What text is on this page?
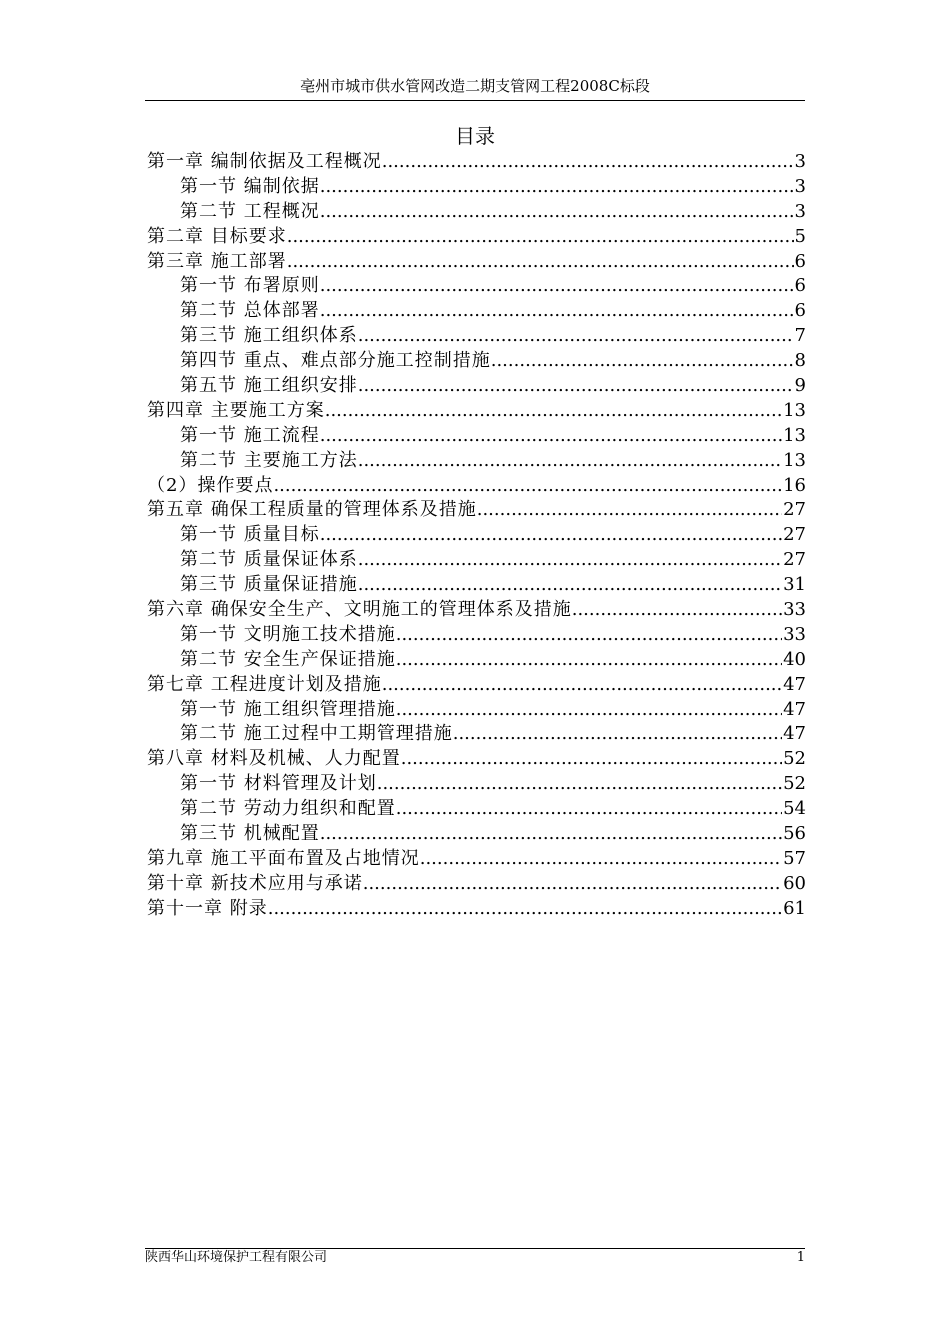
亳州市城市供水管网改造二期支管网工程2008C标段
目录
第一章 编制依据及工程概况 .....	3
第一节 编制依据 .....	3
第二节 工程概况 .....	3
第二章 目标要求 .....	5
第三章 施工部署 .....	6
第一节 布署原则 .....	6
第二节 总体部署 .....	6
第三节 施工组织体系 .....	7
第四节 重点、难点部分施工控制措施 .....	8
第五节 施工组织安排 .....	9
第四章 主要施工方案 .....	13
第一节 施工流程 .....	13
第二节 主要施工方法 .....	13
（2）操作要点 .....	16
第五章 确保工程质量的管理体系及措施 .....	27
第一节 质量目标 .....	27
第二节 质量保证体系 .....	27
第三节 质量保证措施 .....	31
第六章 确保安全生产、文明施工的管理体系及措施 .....	33
第一节 文明施工技术措施 .....	33
第二节 安全生产保证措施 .....	40
第七章 工程进度计划及措施 .....	47
第一节 施工组织管理措施 .....	47
第二节 施工过程中工期管理措施 .....	47
第八章 材料及机械、人力配置 .....	52
第一节 材料管理及计划 .....	52
第二节 劳动力组织和配置 .....	54
第三节 机械配置 .....	56
第九章 施工平面布置及占地情况 .....	57
第十章 新技术应用与承诺 .....	60
第十一章 附录 .....	61
陕西华山环境保护工程有限公司	1
